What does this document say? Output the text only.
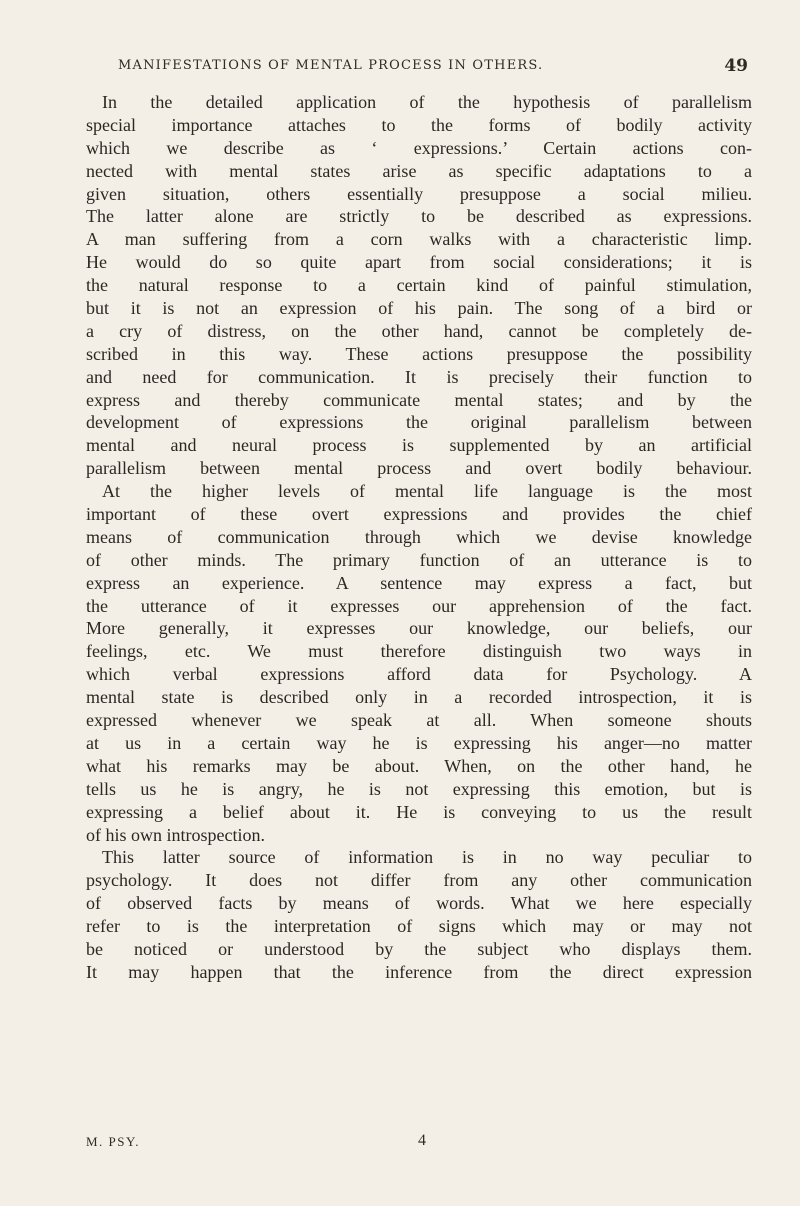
MANIFESTATIONS OF MENTAL PROCESS IN OTHERS.	49
In the detailed application of the hypothesis of parallelism
special importance attaches to the forms of bodily activity
which we describe as ‘ expressions.’ Certain actions con-
nected with mental states arise as specific adaptations to a
given situation, others essentially presuppose a social milieu.
The latter alone are strictly to be described as expressions.
A man suffering from a corn walks with a characteristic limp.
He would do so quite apart from social considerations; it is
the natural response to a certain kind of painful stimulation,
but it is not an expression of his pain. The song of a bird or
a cry of distress, on the other hand, cannot be completely de-
scribed in this way. These actions presuppose the possibility
and need for communication. It is precisely their function to
express and thereby communicate mental states; and by the
development of expressions the original parallelism between
mental and neural process is supplemented by an artificial
parallelism between mental process and overt bodily behaviour.
At the higher levels of mental life language is the most
important of these overt expressions and provides the chief
means of communication through which we devise knowledge
of other minds. The primary function of an utterance is to
express an experience. A sentence may express a fact, but
the utterance of it expresses our apprehension of the fact.
More generally, it expresses our knowledge, our beliefs, our
feelings, etc. We must therefore distinguish two ways in
which verbal expressions afford data for Psychology. A
mental state is described only in a recorded introspection, it is
expressed whenever we speak at all. When someone shouts
at us in a certain way he is expressing his anger—no matter
what his remarks may be about. When, on the other hand, he
tells us he is angry, he is not expressing this emotion, but is
expressing a belief about it. He is conveying to us the result
of his own introspection.
This latter source of information is in no way peculiar to
psychology. It does not differ from any other communication
of observed facts by means of words. What we here especially
refer to is the interpretation of signs which may or may not
be noticed or understood by the subject who displays them.
It may happen that the inference from the direct expression
M. PSY.	4
